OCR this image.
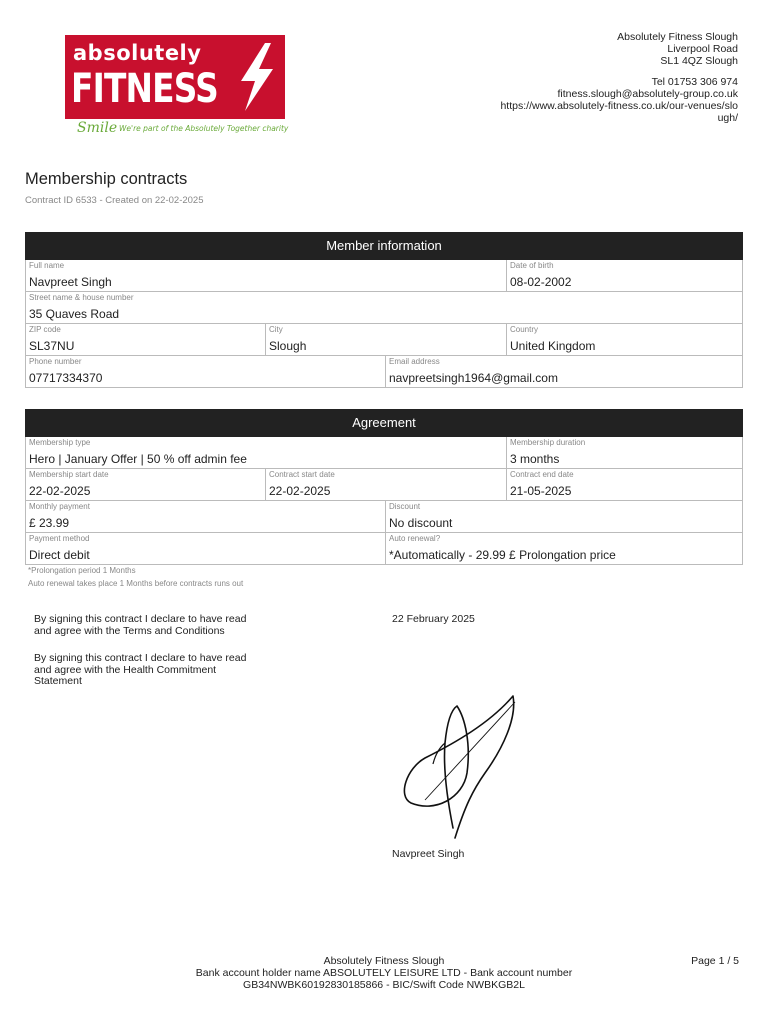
absolutely
FITNESS
Smile We're part of the Absolutely Together charity
Absolutely Fitness Slough
Liverpool Road
SL1 4QZ Slough
Tel 01753 306 974
fitness.slough@absolutely-group.co.uk
https://www.absolutely-fitness.co.uk/our-venues/slough/
Membership contracts
Contract ID 6533 - Created on 22-02-2025
Member information
Full name
Navpreet Singh
Date of birth
08-02-2002
Street name & house number
35 Quaves Road
ZIP code
SL37NU
City
Slough
Country
United Kingdom
Phone number
07717334370
Email address
navpreetsingh1964@gmail.com
Agreement
Membership type
Hero | January Offer | 50 % off admin fee
Membership duration
3 months
Membership start date
22-02-2025
Contract start date
22-02-2025
Contract end date
21-05-2025
Monthly payment
£ 23.99
Discount
No discount
Payment method
Direct debit
Auto renewal?
*Automatically - 29.99 £ Prolongation price
*Prolongation period 1 Months
Auto renewal takes place 1 Months before contracts runs out
By signing this contract I declare to have read and agree with the Terms and Conditions
By signing this contract I declare to have read and agree with the Health Commitment Statement
22 February 2025
Navpreet Singh
Absolutely Fitness Slough
Bank account holder name ABSOLUTELY LEISURE LTD - Bank account number GB34NWBK60192830185866 - BIC/Swift Code NWBKGB2L
Page 1 / 5
